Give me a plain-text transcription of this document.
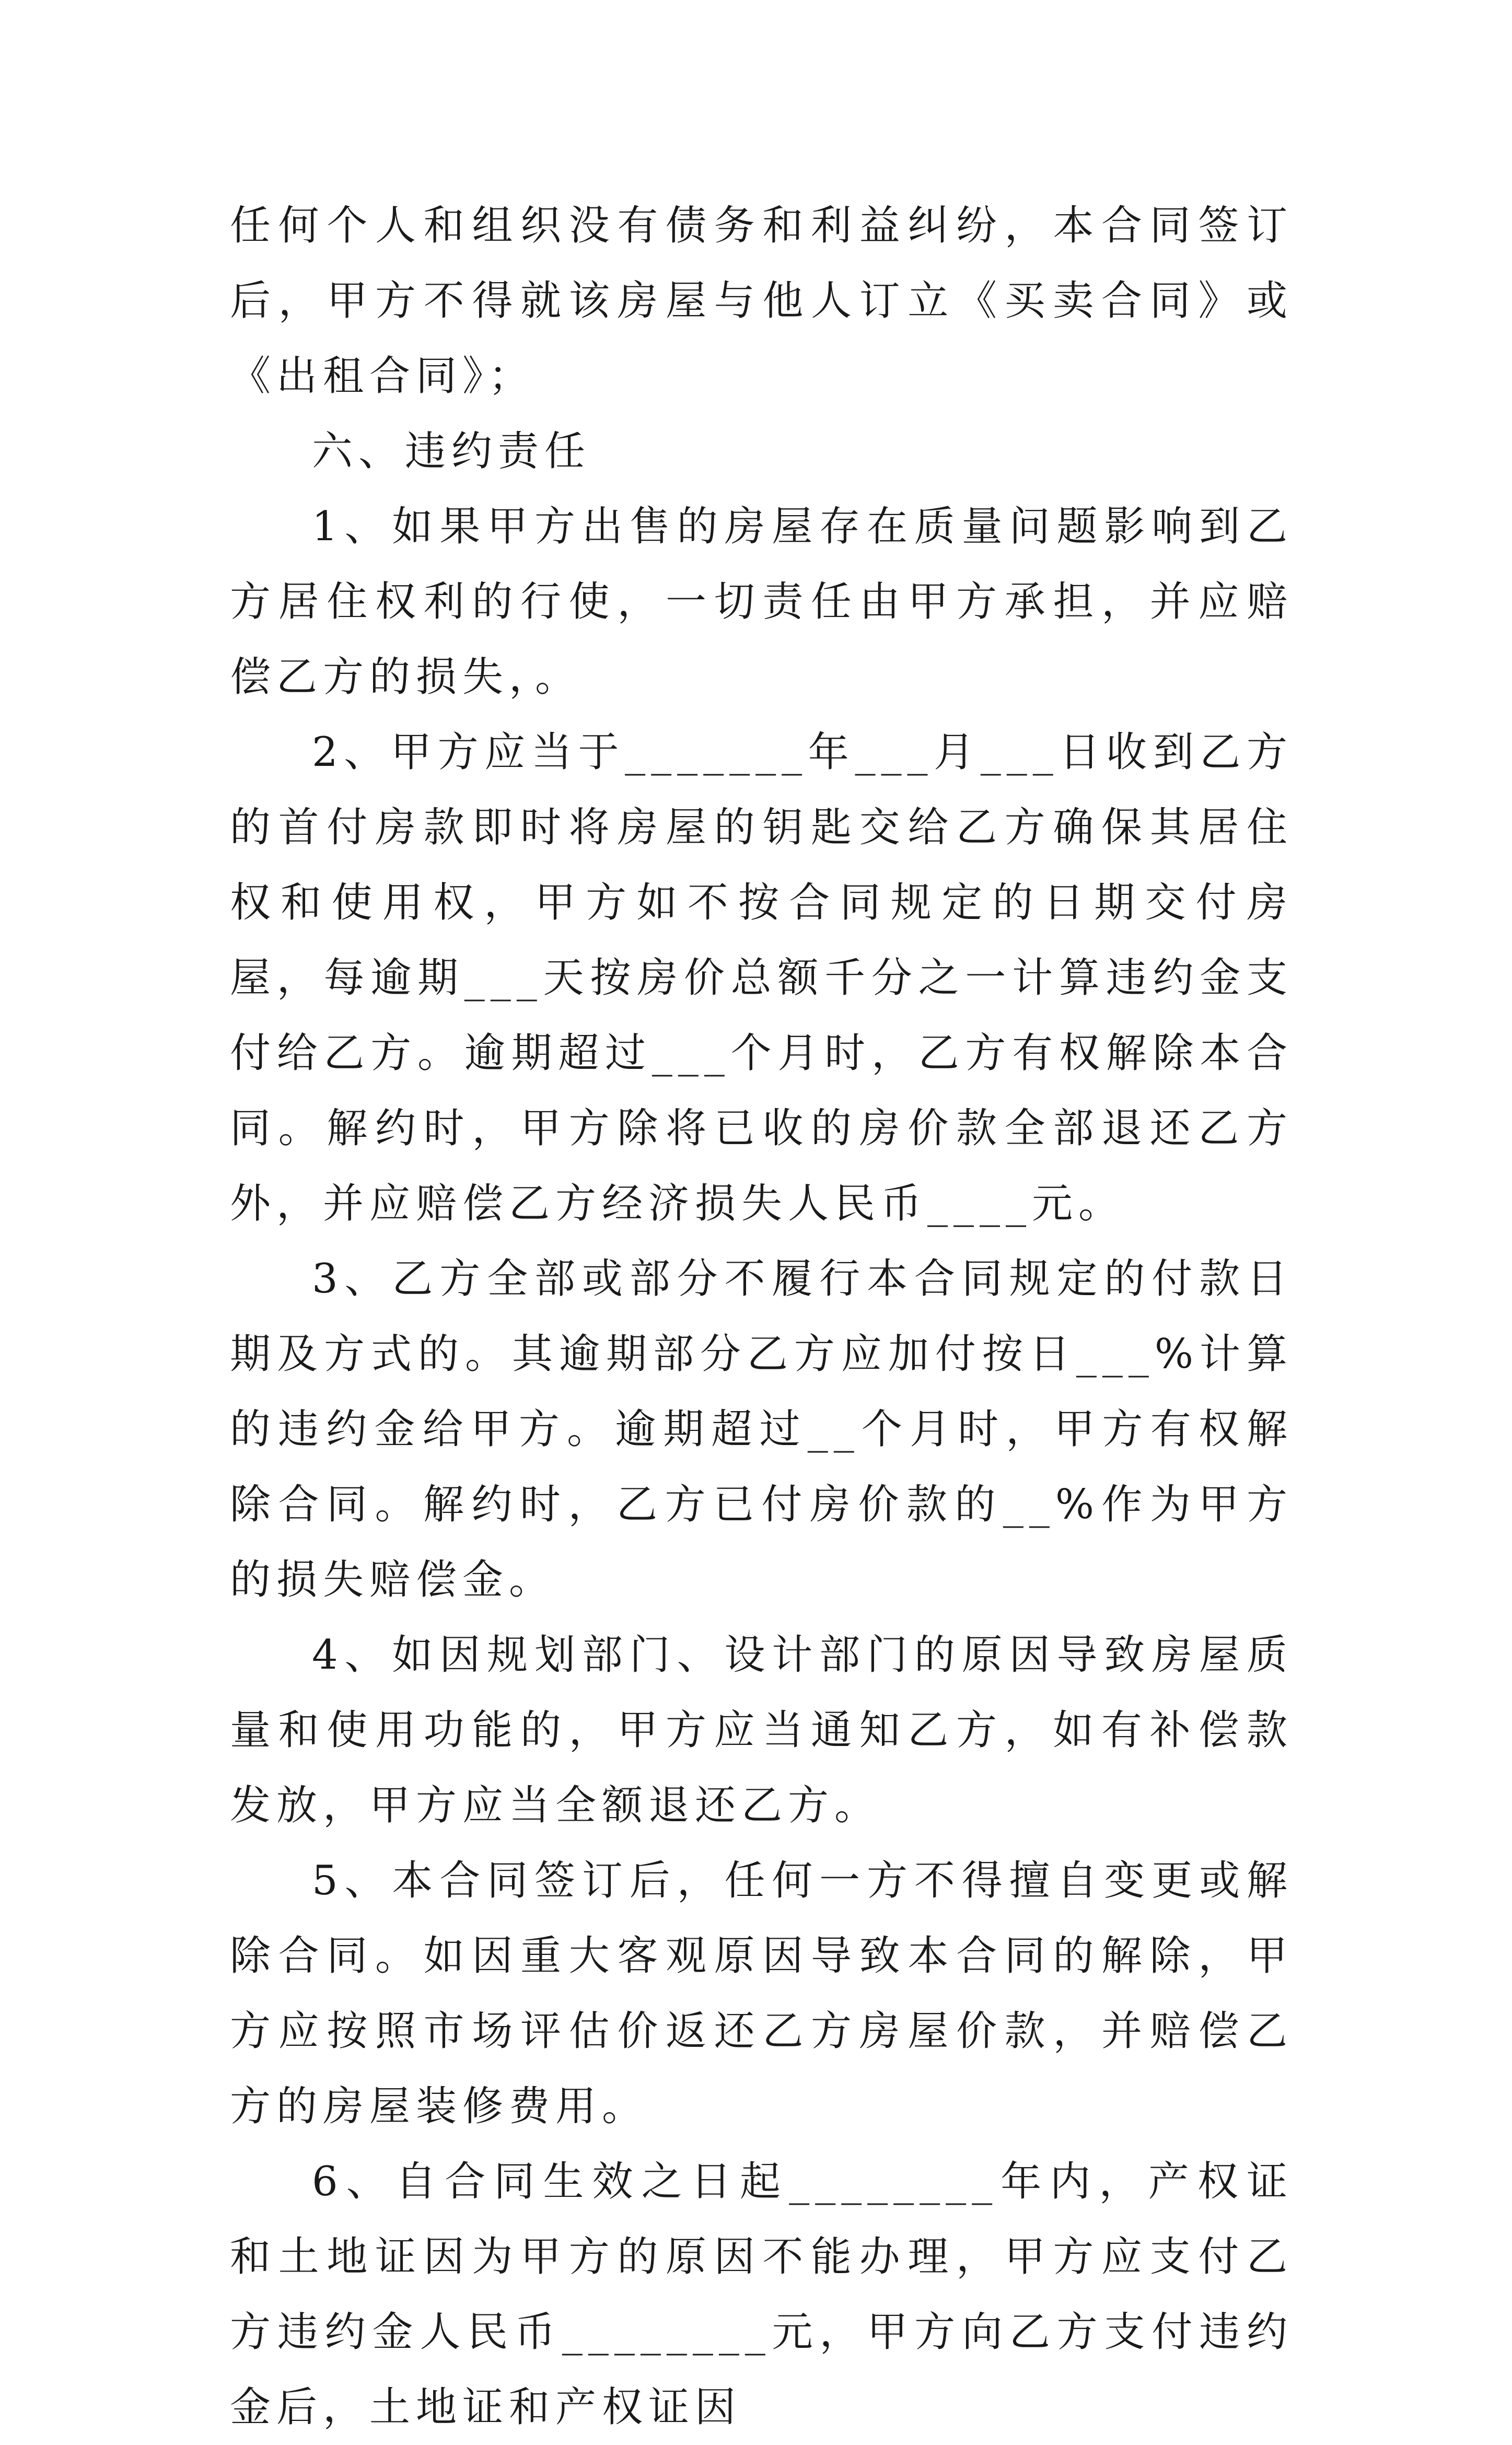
任何个人和组织没有债务和利益纠纷，本合同签订后，甲方不得就该房屋与他人订立《买卖合同》或《出租合同》；

六、违约责任

1、如果甲方出售的房屋存在质量问题影响到乙方居住权利的行使，一切责任由甲方承担，并应赔偿乙方的损失，。

2、甲方应当于_______年___月___日收到乙方的首付房款即时将房屋的钥匙交给乙方确保其居住权和使用权，甲方如不按合同规定的日期交付房屋，每逾期___天按房价总额千分之一计算违约金支付给乙方。逾期超过___个月时，乙方有权解除本合同。解约时，甲方除将已收的房价款全部退还乙方外，并应赔偿乙方经济损失人民币____元。

3、乙方全部或部分不履行本合同规定的付款日期及方式的。其逾期部分乙方应加付按日___%计算的违约金给甲方。逾期超过__个月时，甲方有权解除合同。解约时，乙方已付房价款的__%作为甲方的损失赔偿金。

4、如因规划部门、设计部门的原因导致房屋质量和使用功能的，甲方应当通知乙方，如有补偿款发放，甲方应当全额退还乙方。

5、本合同签订后，任何一方不得擅自变更或解除合同。如因重大客观原因导致本合同的解除，甲方应按照市场评估价返还乙方房屋价款，并赔偿乙方的房屋装修费用。

6、自合同生效之日起________年内，产权证和土地证因为甲方的原因不能办理，甲方应支付乙方违约金人民币________元，甲方向乙方支付违约金后，土地证和产权证因
